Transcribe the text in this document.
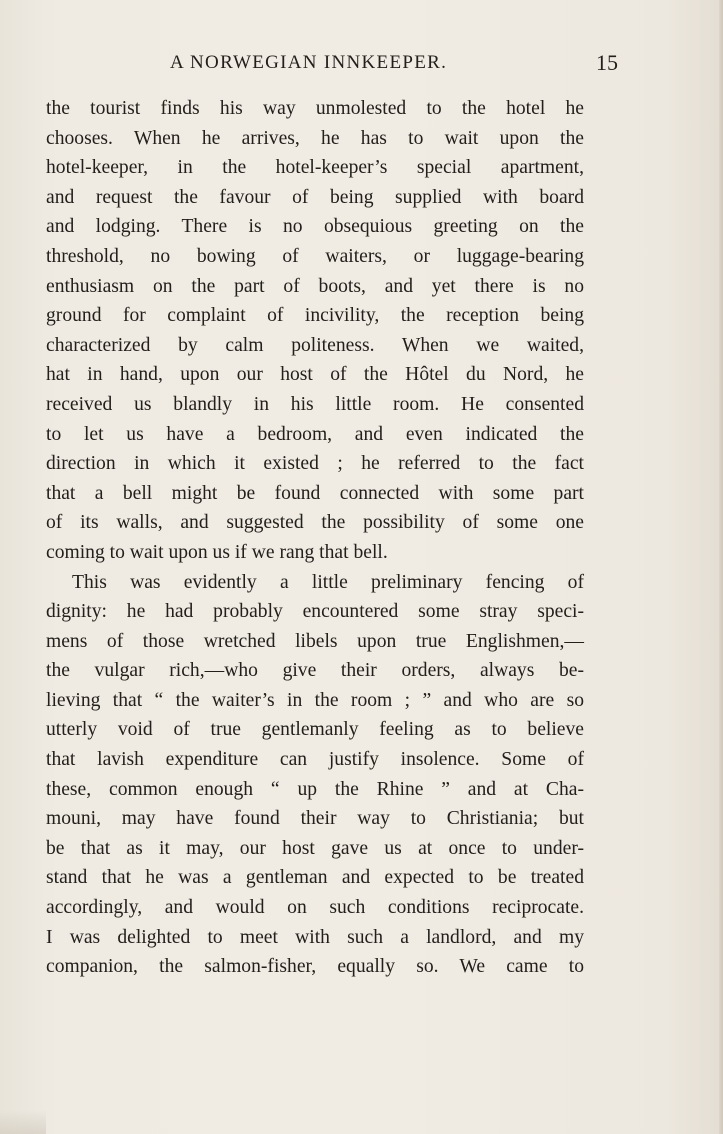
A NORWEGIAN INNKEEPER.	15
the tourist finds his way unmolested to the hotel he
chooses. When he arrives, he has to wait upon the
hotel-keeper, in the hotel-keeper’s special apartment,
and request the favour of being supplied with board
and lodging. There is no obsequious greeting on the
threshold, no bowing of waiters, or luggage-bearing
enthusiasm on the part of boots, and yet there is no
ground for complaint of incivility, the reception being
characterized by calm politeness. When we waited,
hat in hand, upon our host of the Hôtel du Nord, he
received us blandly in his little room. He consented
to let us have a bedroom, and even indicated the
direction in which it existed ; he referred to the fact
that a bell might be found connected with some part
of its walls, and suggested the possibility of some one
coming to wait upon us if we rang that bell.
This was evidently a little preliminary fencing of
dignity: he had probably encountered some stray speci-
mens of those wretched libels upon true Englishmen,—
the vulgar rich,—who give their orders, always be-
lieving that “ the waiter’s in the room ; ” and who are so
utterly void of true gentlemanly feeling as to believe
that lavish expenditure can justify insolence. Some of
these, common enough “ up the Rhine ” and at Cha-
mouni, may have found their way to Christiania; but
be that as it may, our host gave us at once to under-
stand that he was a gentleman and expected to be treated
accordingly, and would on such conditions reciprocate.
I was delighted to meet with such a landlord, and my
companion, the salmon-fisher, equally so. We came to
